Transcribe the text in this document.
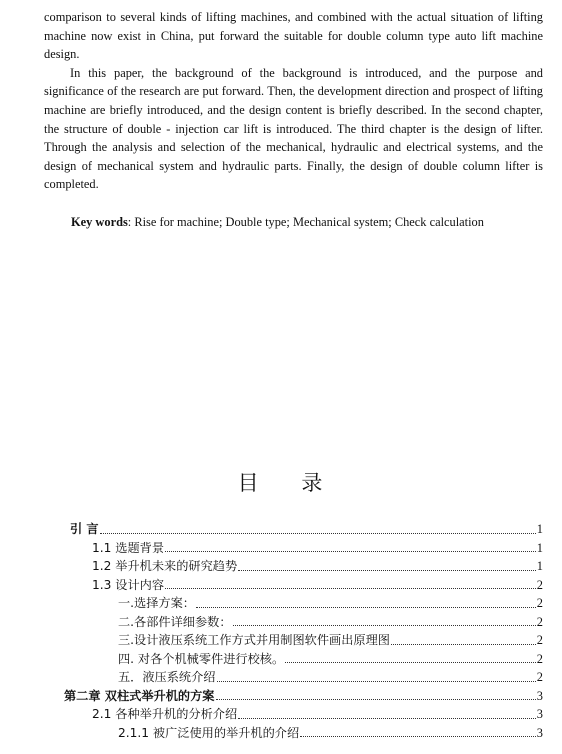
comparison to several kinds of lifting machines, and combined with the actual situation of lifting machine now exist in China, put forward the suitable for double column type auto lift machine design.

In this paper, the background of the background is introduced, and the purpose and significance of the research are put forward. Then, the development direction and prospect of lifting machine are briefly introduced, and the design content is briefly described. In the second chapter, the structure of double - injection car lift is introduced. The third chapter is the design of lifter. Through the analysis and selection of the mechanical, hydraulic and electrical systems, and the design of mechanical system and hydraulic parts. Finally, the design of double column lifter is completed.

Key words: Rise for machine; Double type; Mechanical system; Check calculation
目 录
引 言	1
1.1 选题背景	1
1.2 举升机未来的研究趋势	1
1.3 设计内容	2
一.选择方案：	2
二.各部件详细参数：	2
三.设计液压系统工作方式并用制图软件画出原理图	2
四. 对各个机械零件进行校核。	2
五．液压系统介绍	2
第二章 双柱式举升机的方案	3
2.1 各种举升机的分析介绍	3
2.1.1 被广泛使用的举升机的介绍	3
